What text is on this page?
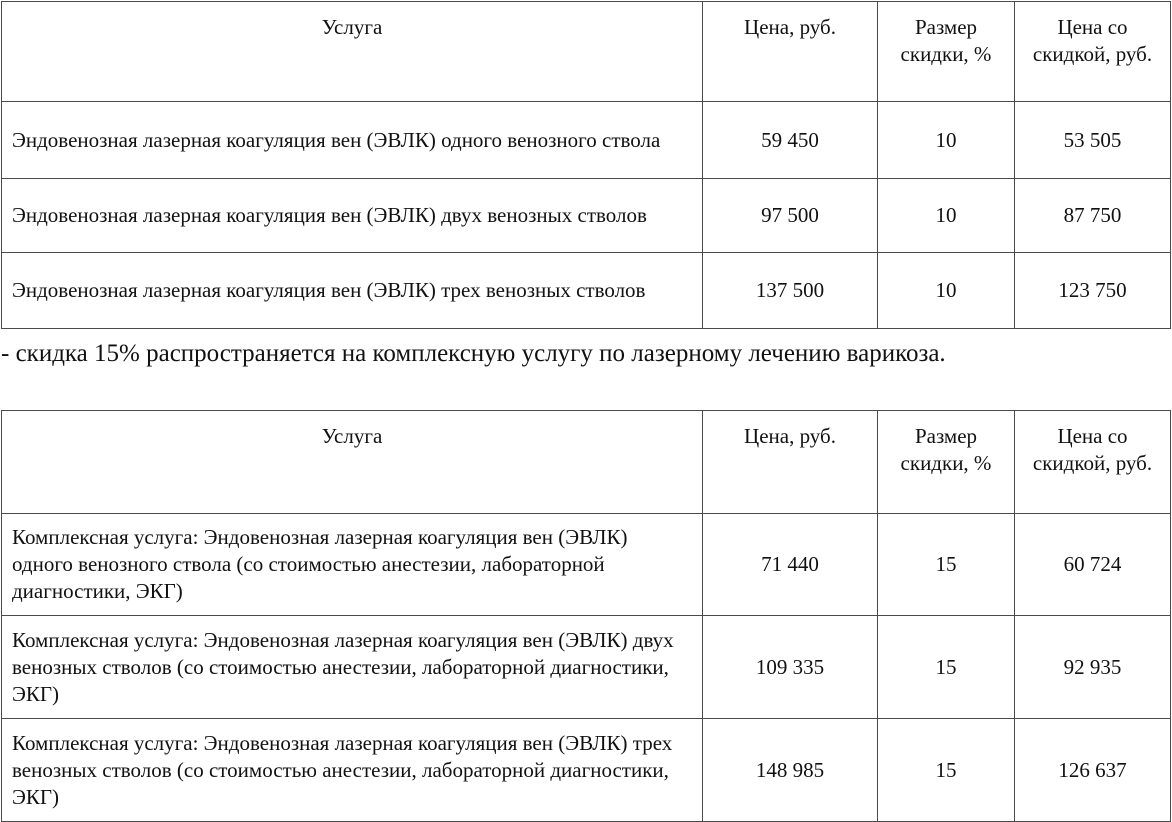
Услуга	Цена, руб.	Размер скидки, %	Цена со скидкой, руб.
Эндовенозная лазерная коагуляция вен (ЭВЛК) одного венозного ствола	59 450	10	53 505
Эндовенозная лазерная коагуляция вен (ЭВЛК) двух венозных стволов	97 500	10	87 750
Эндовенозная лазерная коагуляция вен (ЭВЛК) трех венозных стволов	137 500	10	123 750
- скидка 15% распространяется на комплексную услугу по лазерному лечению варикоза.
Услуга	Цена, руб.	Размер скидки, %	Цена со скидкой, руб.
Комплексная услуга: Эндовенозная лазерная коагуляция вен (ЭВЛК) одного венозного ствола (со стоимостью анестезии, лабораторной диагностики, ЭКГ)	71 440	15	60 724
Комплексная услуга: Эндовенозная лазерная коагуляция вен (ЭВЛК) двух венозных стволов (со стоимостью анестезии, лабораторной диагностики, ЭКГ)	109 335	15	92 935
Комплексная услуга: Эндовенозная лазерная коагуляция вен (ЭВЛК) трех венозных стволов (со стоимостью анестезии, лабораторной диагностики, ЭКГ)	148 985	15	126 637
